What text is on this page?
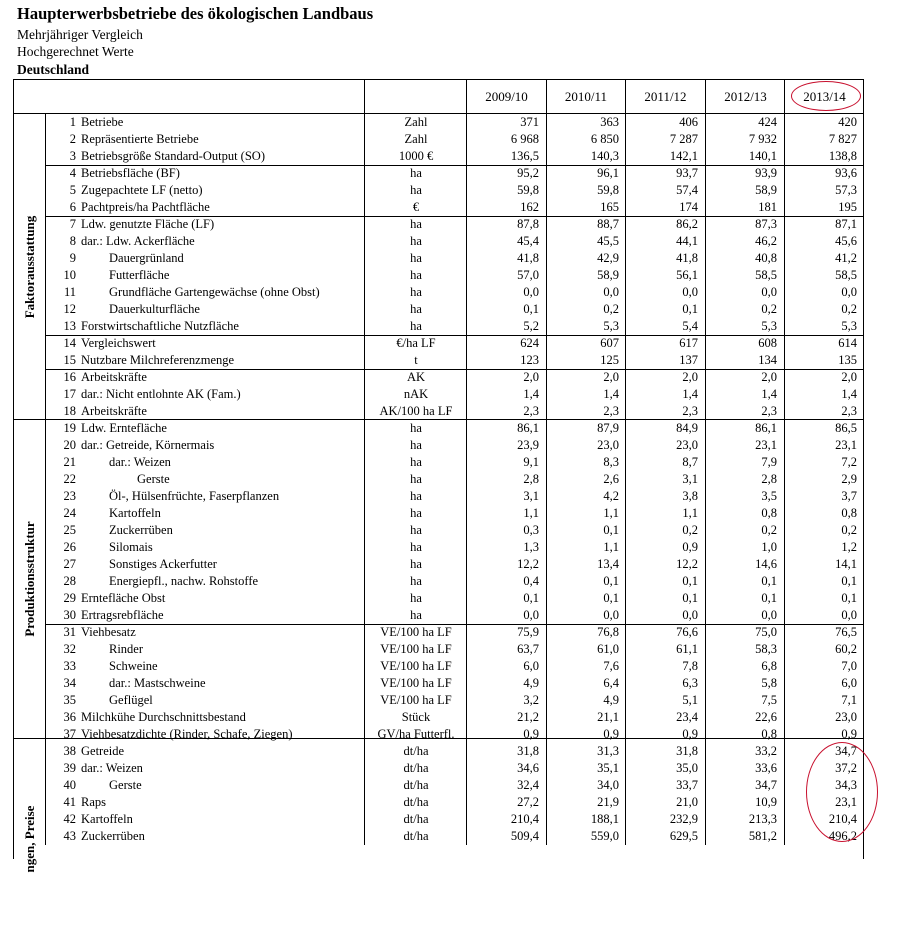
Haupterwerbsbetriebe des ökologischen Landbaus
Mehrjähriger Vergleich
Hochgerechnet Werte
Deutschland
2009/10	2010/11	2011/12	2012/13	2013/14
Faktorausstattung
Produktionsstruktur
ngen, Preise
1 Betriebe	Zahl	371	363	406	424	420
2 Repräsentierte Betriebe	Zahl	6 968	6 850	7 287	7 932	7 827
3 Betriebsgröße Standard-Output (SO)	1000 €	136,5	140,3	142,1	140,1	138,8
4 Betriebsfläche (BF)	ha	95,2	96,1	93,7	93,9	93,6
5 Zugepachtete LF (netto)	ha	59,8	59,8	57,4	58,9	57,3
6 Pachtpreis/ha Pachtfläche	€	162	165	174	181	195
7 Ldw. genutzte Fläche (LF)	ha	87,8	88,7	86,2	87,3	87,1
8 dar.: Ldw. Ackerfläche	ha	45,4	45,5	44,1	46,2	45,6
9	Dauergrünland	ha	41,8	42,9	41,8	40,8	41,2
10	Futterfläche	ha	57,0	58,9	56,1	58,5	58,5
11	Grundfläche Gartengewächse (ohne Obst)	ha	0,0	0,0	0,0	0,0	0,0
12	Dauerkulturfläche	ha	0,1	0,2	0,1	0,2	0,2
13 Forstwirtschaftliche Nutzfläche	ha	5,2	5,3	5,4	5,3	5,3
14 Vergleichswert	€/ha LF	624	607	617	608	614
15 Nutzbare Milchreferenzmenge	t	123	125	137	134	135
16 Arbeitskräfte	AK	2,0	2,0	2,0	2,0	2,0
17 dar.: Nicht entlohnte AK (Fam.)	nAK	1,4	1,4	1,4	1,4	1,4
18 Arbeitskräfte	AK/100 ha LF	2,3	2,3	2,3	2,3	2,3
19 Ldw. Erntefläche	ha	86,1	87,9	84,9	86,1	86,5
20 dar.: Getreide, Körnermais	ha	23,9	23,0	23,0	23,1	23,1
21	dar.: Weizen	ha	9,1	8,3	8,7	7,9	7,2
22	Gerste	ha	2,8	2,6	3,1	2,8	2,9
23	Öl-, Hülsenfrüchte, Faserpflanzen	ha	3,1	4,2	3,8	3,5	3,7
24	Kartoffeln	ha	1,1	1,1	1,1	0,8	0,8
25	Zuckerrüben	ha	0,3	0,1	0,2	0,2	0,2
26	Silomais	ha	1,3	1,1	0,9	1,0	1,2
27	Sonstiges Ackerfutter	ha	12,2	13,4	12,2	14,6	14,1
28	Energiepfl., nachw. Rohstoffe	ha	0,4	0,1	0,1	0,1	0,1
29 Erntefläche Obst	ha	0,1	0,1	0,1	0,1	0,1
30 Ertragsrebfläche	ha	0,0	0,0	0,0	0,0	0,0
31 Viehbesatz	VE/100 ha LF	75,9	76,8	76,6	75,0	76,5
32	Rinder	VE/100 ha LF	63,7	61,0	61,1	58,3	60,2
33	Schweine	VE/100 ha LF	6,0	7,6	7,8	6,8	7,0
34	dar.: Mastschweine	VE/100 ha LF	4,9	6,4	6,3	5,8	6,0
35	Geflügel	VE/100 ha LF	3,2	4,9	5,1	7,5	7,1
36 Milchkühe Durchschnittsbestand	Stück	21,2	21,1	23,4	22,6	23,0
37 Viehbesatzdichte (Rinder, Schafe, Ziegen)	GV/ha Futterfl.	0,9	0,9	0,9	0,8	0,9
38 Getreide	dt/ha	31,8	31,3	31,8	33,2	34,7
39 dar.: Weizen	dt/ha	34,6	35,1	35,0	33,6	37,2
40	Gerste	dt/ha	32,4	34,0	33,7	34,7	34,3
41 Raps	dt/ha	27,2	21,9	21,0	10,9	23,1
42 Kartoffeln	dt/ha	210,4	188,1	232,9	213,3	210,4
43 Zuckerrüben	dt/ha	509,4	559,0	629,5	581,2	496,2
